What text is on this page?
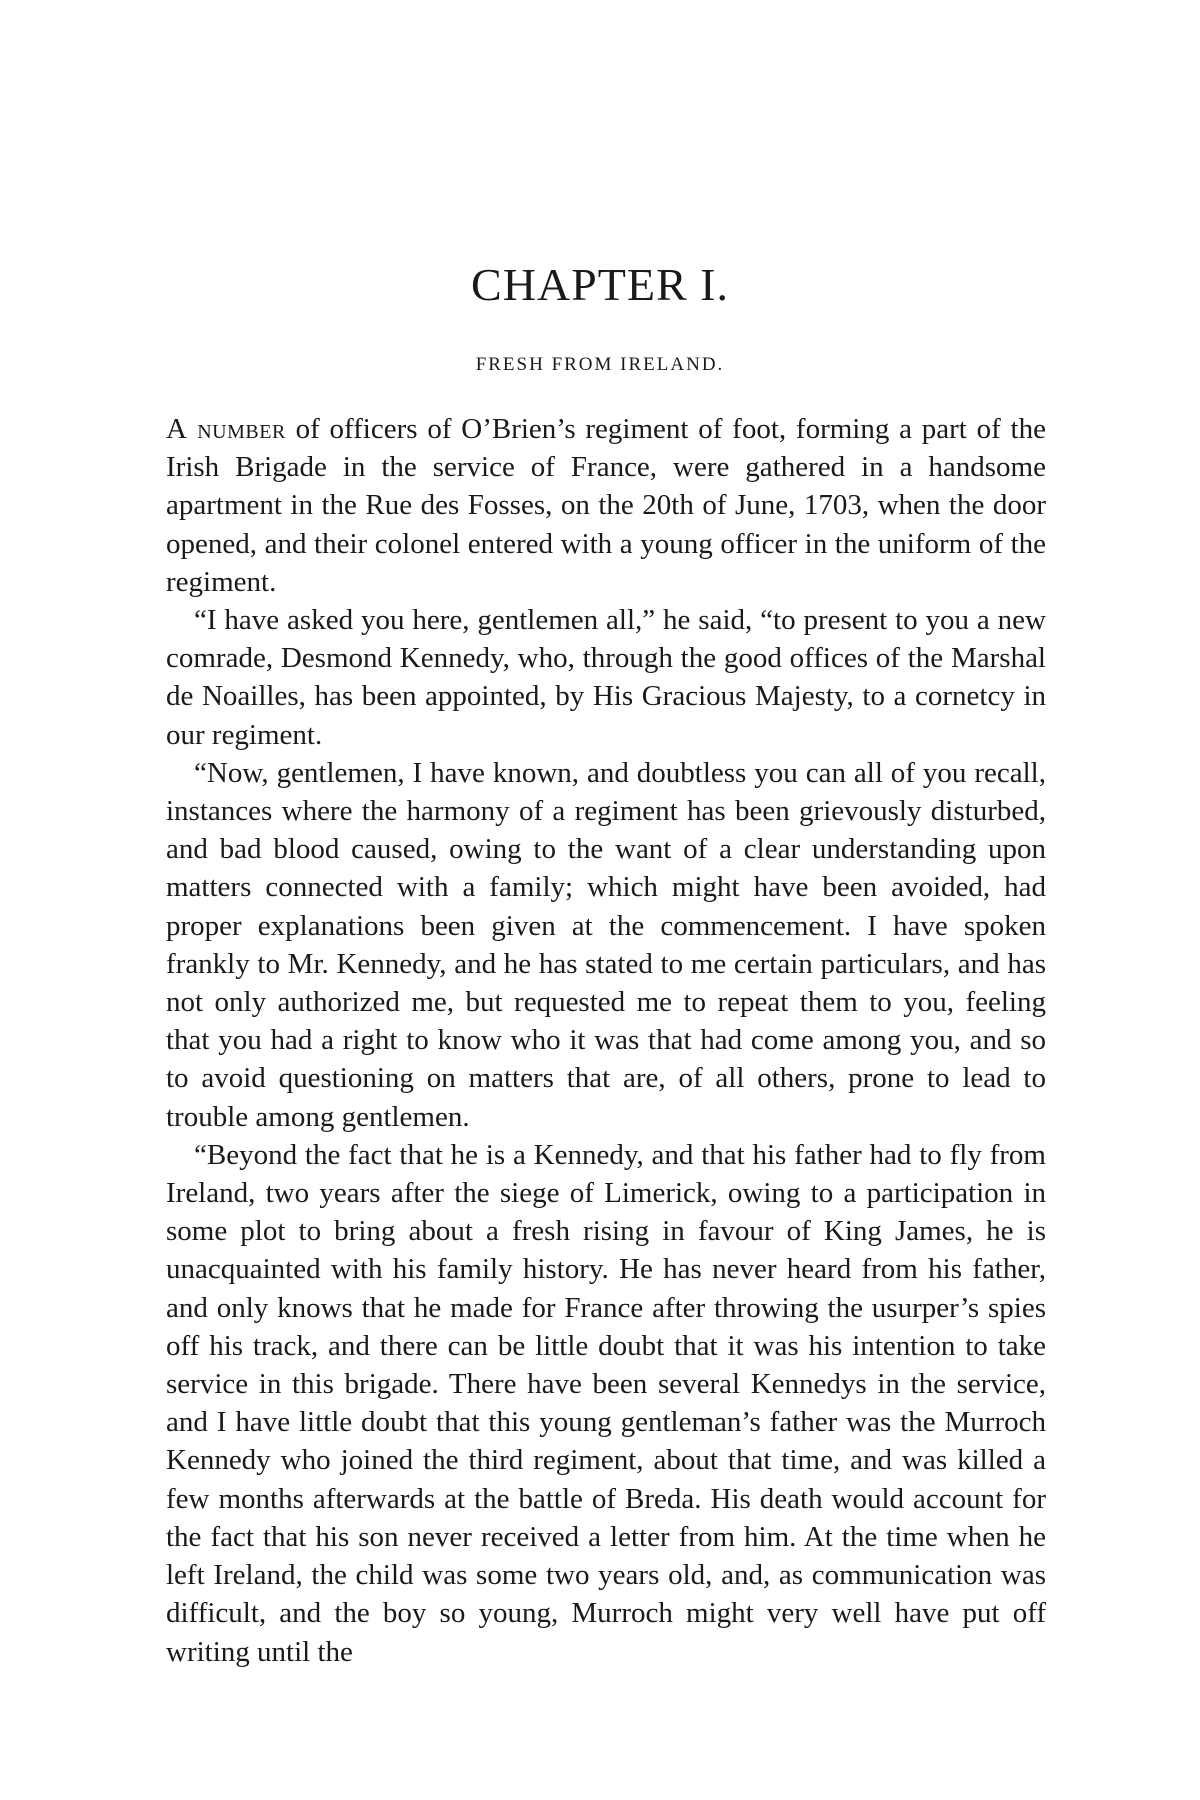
CHAPTER I.
FRESH FROM IRELAND.

A number of officers of O’Brien’s regiment of foot, forming a part of the Irish Brigade in the service of France, were gathered in a handsome apartment in the Rue des Fosses, on the 20th of June, 1703, when the door opened, and their colonel entered with a young officer in the uniform of the regiment.

“I have asked you here, gentlemen all,” he said, “to present to you a new comrade, Desmond Kennedy, who, through the good offices of the Marshal de Noailles, has been appointed, by His Gracious Majesty, to a cornetcy in our regiment.

“Now, gentlemen, I have known, and doubtless you can all of you recall, instances where the harmony of a regiment has been grievously disturbed, and bad blood caused, owing to the want of a clear understanding upon matters connected with a family; which might have been avoided, had proper explanations been given at the commencement. I have spoken frankly to Mr. Kennedy, and he has stated to me certain particulars, and has not only authorized me, but requested me to repeat them to you, feeling that you had a right to know who it was that had come among you, and so to avoid questioning on matters that are, of all others, prone to lead to trouble among gentlemen.

“Beyond the fact that he is a Kennedy, and that his father had to fly from Ireland, two years after the siege of Limerick, owing to a participation in some plot to bring about a fresh rising in favour of King James, he is unacquainted with his family history. He has never heard from his father, and only knows that he made for France after throwing the usurper’s spies off his track, and there can be little doubt that it was his intention to take service in this brigade. There have been several Kennedys in the service, and I have little doubt that this young gentleman’s father was the Murroch Kennedy who joined the third regiment, about that time, and was killed a few months afterwards at the battle of Breda. His death would account for the fact that his son never received a letter from him. At the time when he left Ireland, the child was some two years old, and, as communication was difficult, and the boy so young, Murroch might very well have put off writing until the
